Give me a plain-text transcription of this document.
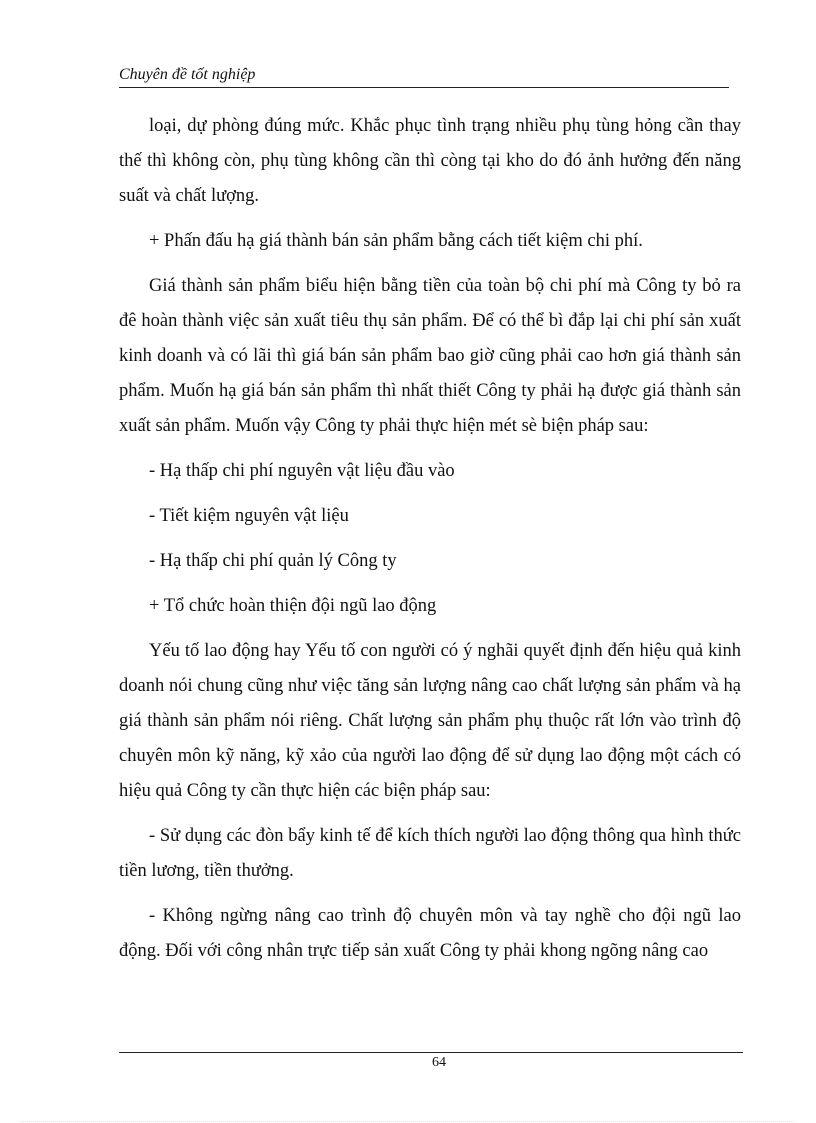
Chuyên đề tốt nghiệp

loại, dự phòng đúng mức. Khắc phục tình trạng nhiều phụ tùng hỏng cần thay thế thì không còn, phụ tùng không cần thì còng tại kho do đó ảnh hưởng đến năng suất và chất lượng.

+ Phấn đấu hạ giá thành bán sản phẩm bằng cách tiết kiệm chi phí.

Giá thành sản phẩm biểu hiện bằng tiền của toàn bộ chi phí mà Công ty bỏ ra đê hoàn thành việc sản xuất tiêu thụ sản phẩm. Để có thể bì đắp lại chi phí sản xuất kinh doanh và có lãi thì giá bán sản phẩm bao giờ cũng phải cao hơn giá thành sản phẩm. Muốn hạ giá bán sản phẩm thì nhất thiết Công ty phải hạ được giá thành sản xuất sản phẩm. Muốn vậy Công ty phải thực hiện mét sè biện pháp sau:

- Hạ thấp chi phí nguyên vật liệu đầu vào

- Tiết kiệm nguyên vật liệu

- Hạ thấp chi phí quản lý Công ty

+ Tổ chức hoàn thiện đội ngũ lao động

Yếu tố lao động hay Yếu tố con người có ý nghãi quyết định đến hiệu quả kinh doanh nói chung cũng như việc tăng sản lượng nâng cao chất lượng sản phẩm và hạ giá thành sản phẩm nói riêng. Chất lượng sản phẩm phụ thuộc rất lớn vào trình độ chuyên môn kỹ năng, kỹ xảo của người lao động để sử dụng lao động một cách có hiệu quả Công ty cần thực hiện các biện pháp sau:

- Sử dụng các đòn bẩy kinh tế để kích thích người lao động thông qua hình thức tiền lương, tiền thưởng.

- Không ngừng nâng cao trình độ chuyên môn và tay nghề cho đội ngũ lao động. Đối với công nhân trực tiếp sản xuất Công ty phải khong ngõng nâng cao

64
